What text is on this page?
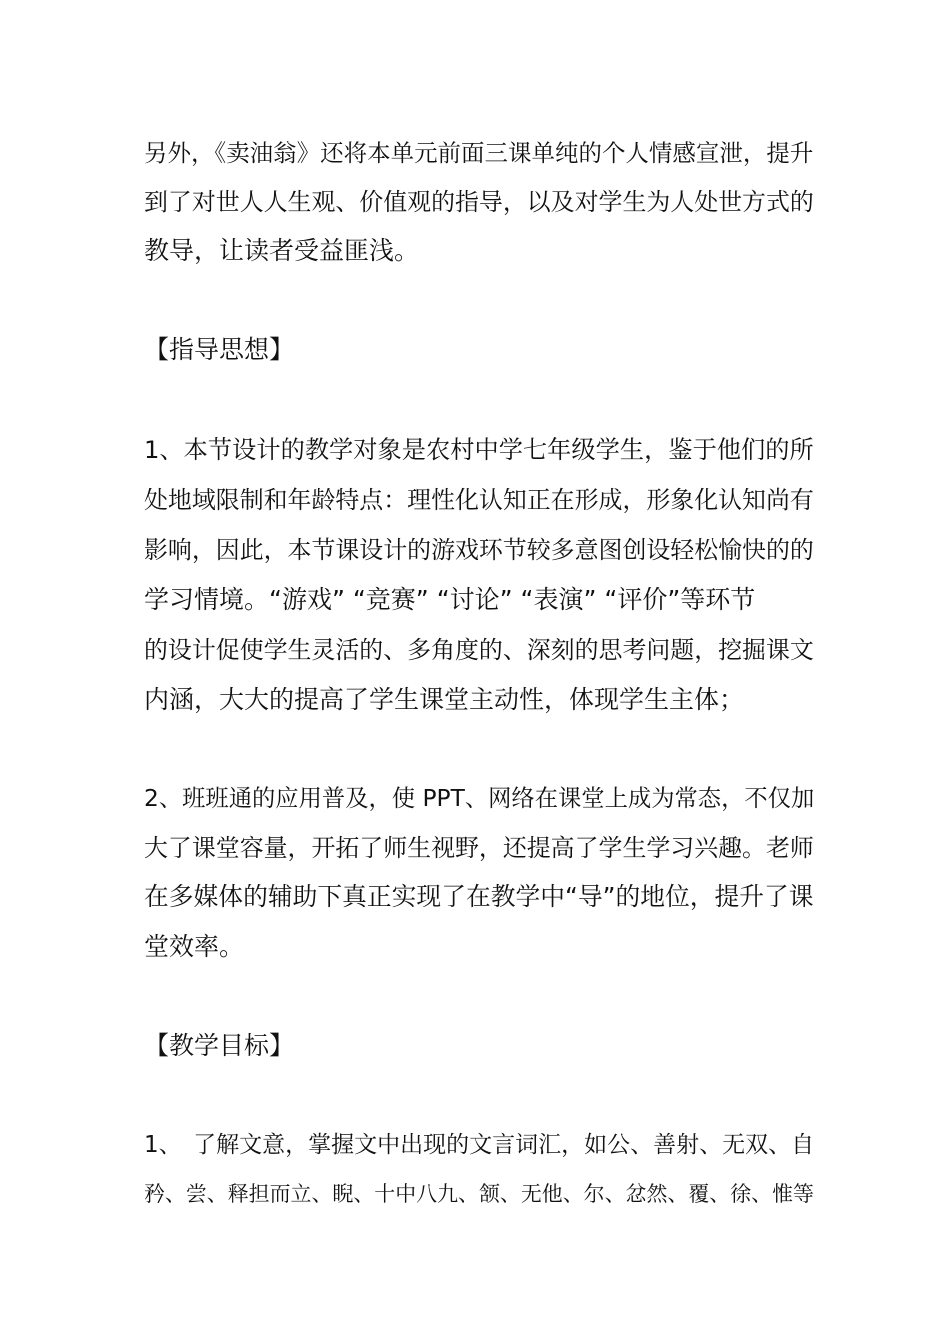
另外，《卖油翁》还将本单元前面三课单纯的个人情感宣泄，提升
到了对世人人生观、价值观的指导，以及对学生为人处世方式的
教导，让读者受益匪浅。
【指导思想】
1、本节设计的教学对象是农村中学七年级学生，鉴于他们的所
处地域限制和年龄特点：理性化认知正在形成，形象化认知尚有
影响，因此，本节课设计的游戏环节较多意图创设轻松愉快的的
学习情境。“游戏” “竞赛” “讨论” “表演” “评价”等环节
的设计促使学生灵活的、多角度的、深刻的思考问题，挖掘课文
内涵，大大的提高了学生课堂主动性，体现学生主体；
2、班班通的应用普及，使 PPT、网络在课堂上成为常态，不仅加
大了课堂容量，开拓了师生视野，还提高了学生学习兴趣。老师
在多媒体的辅助下真正实现了在教学中“导”的地位，提升了课
堂效率。
【教学目标】
1、　了解文意，掌握文中出现的文言词汇，如公、善射、无双、自
矜、尝、释担而立、睨、十中八九、颔、无他、尔、忿然、覆、徐、惟等
